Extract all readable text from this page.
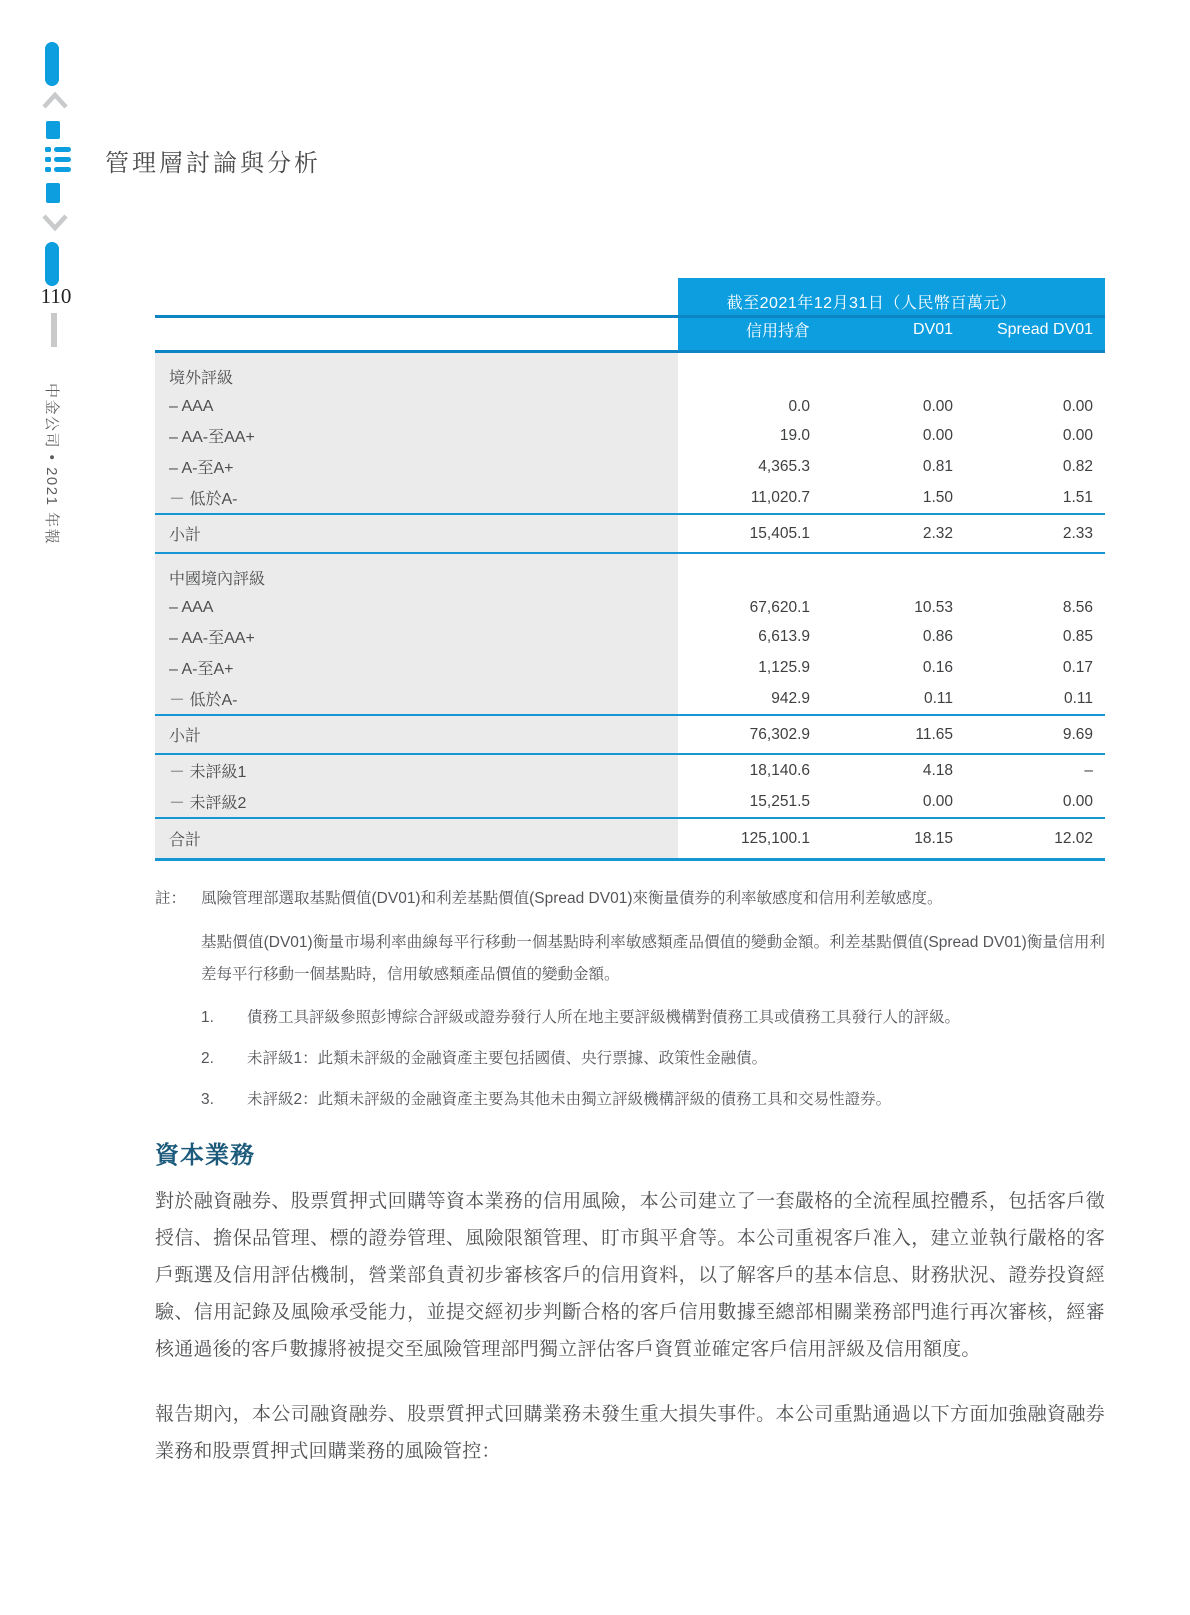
110
中金公司 • 2021 年報
管理層討論與分析
	截至2021年12月31日（人民幣百萬元）		
	信用持倉	DV01	Spread DV01
境外評級			
– AAA	0.0	0.00	0.00
– AA-至AA+	19.0	0.00	0.00
– A-至A+	4,365.3	0.81	0.82
－ 低於A-	11,020.7	1.50	1.51
小計	15,405.1	2.32	2.33
中國境內評級			
– AAA	67,620.1	10.53	8.56
– AA-至AA+	6,613.9	0.86	0.85
– A-至A+	1,125.9	0.16	0.17
－ 低於A-	942.9	0.11	0.11
小計	76,302.9	11.65	9.69
－ 未評級1	18,140.6	4.18	–
－ 未評級2	15,251.5	0.00	0.00
合計	125,100.1	18.15	12.02
註： 風險管理部選取基點價值(DV01)和利差基點價值(Spread DV01)來衡量債券的利率敏感度和信用利差敏感度。
基點價值(DV01)衡量市場利率曲線每平行移動一個基點時利率敏感類產品價值的變動金額。利差基點價值(Spread DV01)衡量信用利差每平行移動一個基點時，信用敏感類產品價值的變動金額。
1.	債務工具評級參照彭博綜合評級或證券發行人所在地主要評級機構對債務工具或債務工具發行人的評級。
2.	未評級1：此類未評級的金融資產主要包括國債、央行票據、政策性金融債。
3.	未評級2：此類未評級的金融資產主要為其他未由獨立評級機構評級的債務工具和交易性證券。
資本業務

對於融資融券、股票質押式回購等資本業務的信用風險，本公司建立了一套嚴格的全流程風控體系，包括客戶徵授信、擔保品管理、標的證券管理、風險限額管理、盯市與平倉等。本公司重視客戶准入，建立並執行嚴格的客戶甄選及信用評估機制，營業部負責初步審核客戶的信用資料，以了解客戶的基本信息、財務狀況、證券投資經驗、信用記錄及風險承受能力，並提交經初步判斷合格的客戶信用數據至總部相關業務部門進行再次審核，經審核通過後的客戶數據將被提交至風險管理部門獨立評估客戶資質並確定客戶信用評級及信用額度。

報告期內，本公司融資融券、股票質押式回購業務未發生重大損失事件。本公司重點通過以下方面加強融資融券業務和股票質押式回購業務的風險管控：
